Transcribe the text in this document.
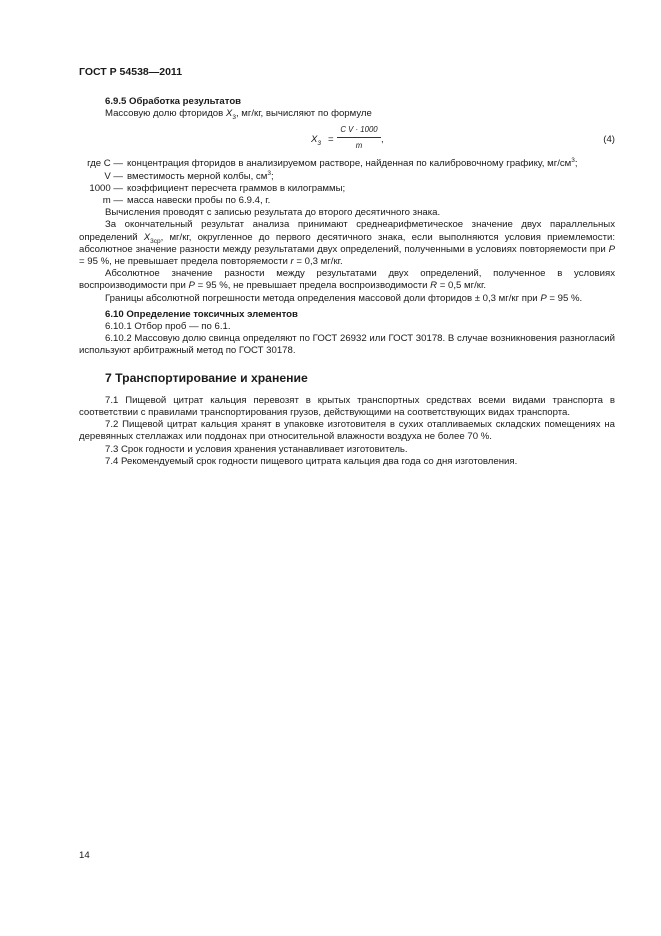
ГОСТ Р 54538—2011
6.9.5 Обработка результатов
Массовую долю фторидов $X_3$, мг/кг, вычисляют по формуле
$X_3$ =
C V · 1000
m
,	(4)
где C — концентрация фторидов в анализируемом растворе, найденная по калибровочному графику, $мг/см^3$;
V — вместимость мерной колбы, $см^3$;
1000 — коэффициент пересчета граммов в килограммы;
m — масса навески пробы по 6.9.4, г.

Вычисления проводят с записью результата до второго десятичного знака.

За окончательный результат анализа принимают среднеарифметическое значение двух параллельных определений $X_{3ср}$, мг/кг, округленное до первого десятичного знака, если выполняются условия приемлемости: абсолютное значение разности между результатами двух определений, полученными в условиях повторяемости при P = 95 %, не превышает предела повторяемости r = 0,3 мг/кг.

Абсолютное значение разности между результатами двух определений, полученное в условиях воспроизводимости при P = 95 %, не превышает предела воспроизводимости R = 0,5 мг/кг.

Границы абсолютной погрешности метода определения массовой доли фторидов ± 0,3 мг/кг при P = 95 %.

6.10 Определение токсичных элементов

6.10.1 Отбор проб — по 6.1.

6.10.2 Массовую долю свинца определяют по ГОСТ 26932 или ГОСТ 30178. В случае возникновения разногласий используют арбитражный метод по ГОСТ 30178.

7 Транспортирование и хранение

7.1 Пищевой цитрат кальция перевозят в крытых транспортных средствах всеми видами транспорта в соответствии с правилами транспортирования грузов, действующими на соответствующих видах транспорта.

7.2 Пищевой цитрат кальция хранят в упаковке изготовителя в сухих отапливаемых складских помещениях на деревянных стеллажах или поддонах при относительной влажности воздуха не более 70 %.

7.3 Срок годности и условия хранения устанавливает изготовитель.

7.4 Рекомендуемый срок годности пищевого цитрата кальция два года со дня изготовления.

14
